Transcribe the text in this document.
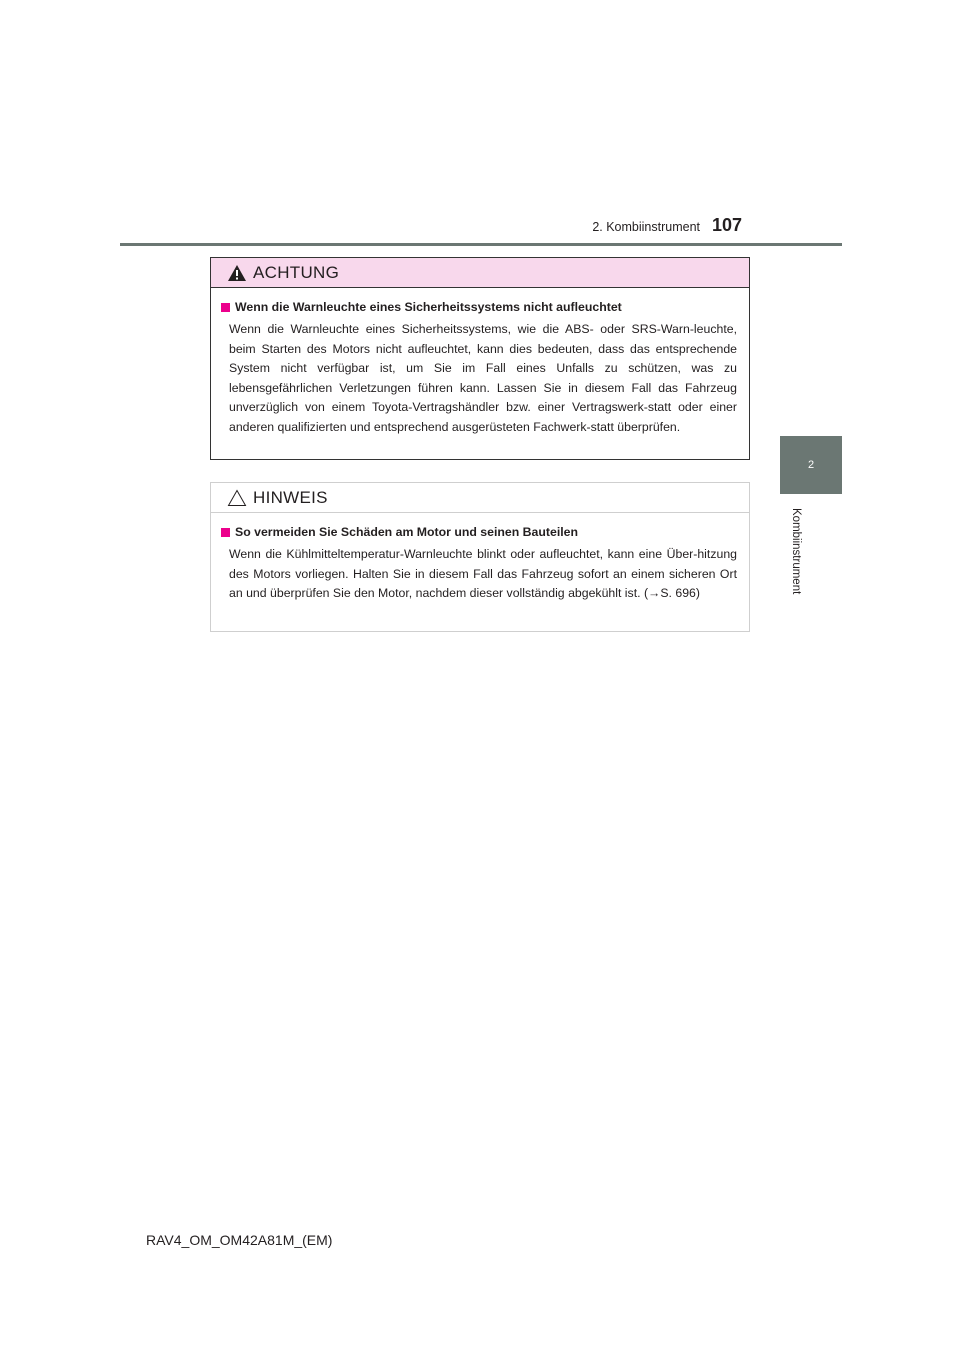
2. Kombiinstrument 107
2
Kombiinstrument
ACHTUNG
Wenn die Warnleuchte eines Sicherheitssystems nicht aufleuchtet
Wenn die Warnleuchte eines Sicherheitssystems, wie die ABS- oder SRS-Warn-leuchte, beim Starten des Motors nicht aufleuchtet, kann dies bedeuten, dass das entsprechende System nicht verfügbar ist, um Sie im Fall eines Unfalls zu schützen, was zu lebensgefährlichen Verletzungen führen kann. Lassen Sie in diesem Fall das Fahrzeug unverzüglich von einem Toyota-Vertragshändler bzw. einer Vertragswerk-statt oder einer anderen qualifizierten und entsprechend ausgerüsteten Fachwerk-statt überprüfen.
HINWEIS
So vermeiden Sie Schäden am Motor und seinen Bauteilen
Wenn die Kühlmitteltemperatur-Warnleuchte blinkt oder aufleuchtet, kann eine Über-hitzung des Motors vorliegen. Halten Sie in diesem Fall das Fahrzeug sofort an einem sicheren Ort an und überprüfen Sie den Motor, nachdem dieser vollständig abgekühlt ist. (→S. 696)
RAV4_OM_OM42A81M_(EM)
